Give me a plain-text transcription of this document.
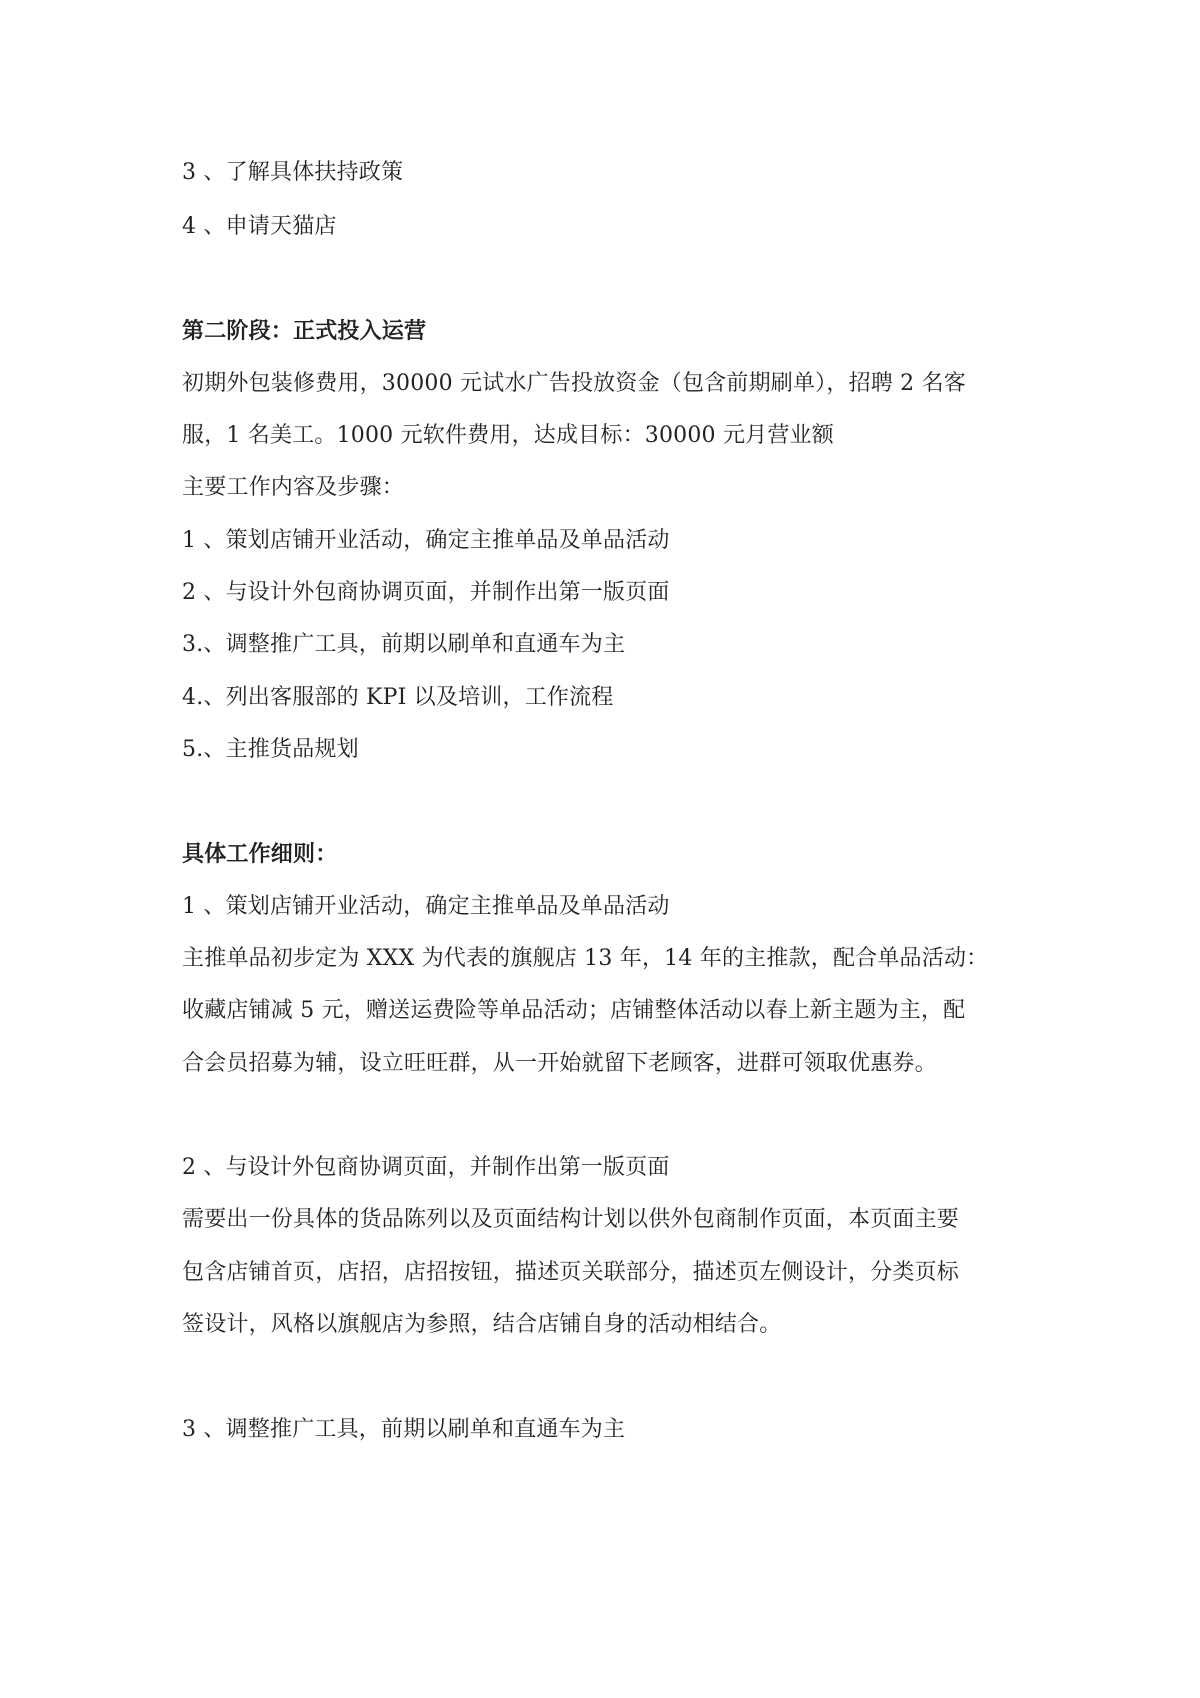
3 、了解具体扶持政策
4 、申请天猫店
第二阶段：正式投入运营
初期外包装修费用，30000 元试水广告投放资金（包含前期刷单），招聘 2 名客
服，1 名美工。1000 元软件费用，达成目标：30000 元月营业额
主要工作内容及步骤：
1 、策划店铺开业活动，确定主推单品及单品活动
2 、与设计外包商协调页面，并制作出第一版页面
3.、调整推广工具，前期以刷单和直通车为主
4.、列出客服部的 KPI 以及培训，工作流程
5.、主推货品规划
具体工作细则：
1 、策划店铺开业活动，确定主推单品及单品活动
主推单品初步定为 XXX 为代表的旗舰店 13 年，14 年的主推款，配合单品活动：
收藏店铺减 5 元，赠送运费险等单品活动；店铺整体活动以春上新主题为主，配
合会员招募为辅，设立旺旺群，从一开始就留下老顾客，进群可领取优惠券。
2 、与设计外包商协调页面，并制作出第一版页面
需要出一份具体的货品陈列以及页面结构计划以供外包商制作页面，本页面主要
包含店铺首页，店招，店招按钮，描述页关联部分，描述页左侧设计，分类页标
签设计，风格以旗舰店为参照，结合店铺自身的活动相结合。
3 、调整推广工具，前期以刷单和直通车为主
